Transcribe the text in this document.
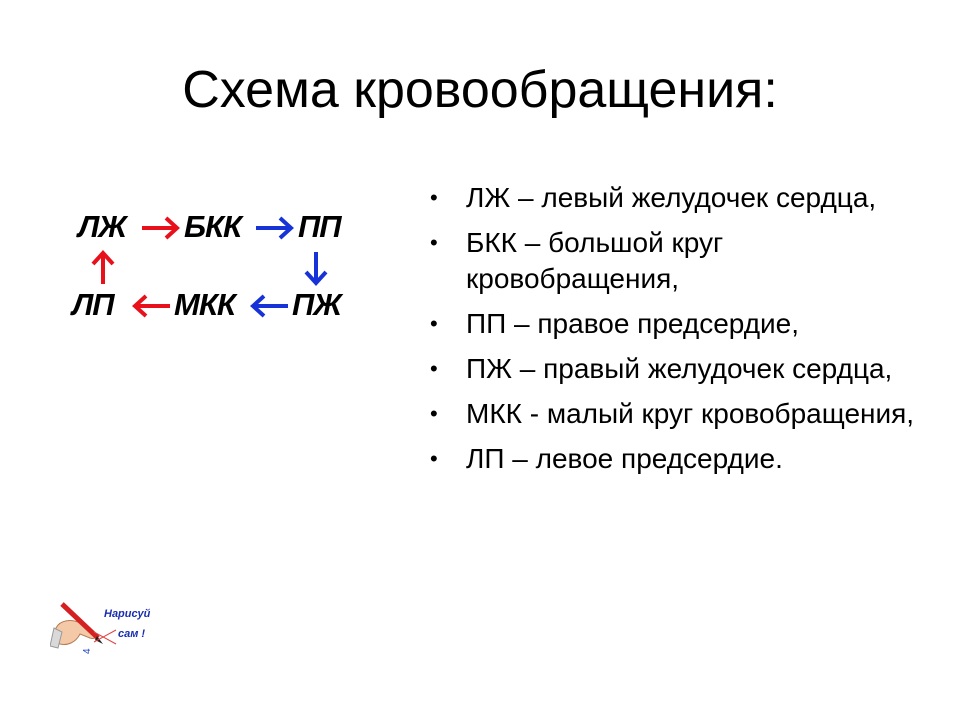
Схема кровообращения:
ЛЖ БКК ПП
ЛП МКК ПЖ
• ЛЖ – левый желудочек сердца,
• БКК – большой круг кровобращения,
• ПП – правое предсердие,
• ПЖ – правый желудочек сердца,
• МКК - малый круг кровобращения,
• ЛП – левое предсердие.
4
Нарисуй
сам !
